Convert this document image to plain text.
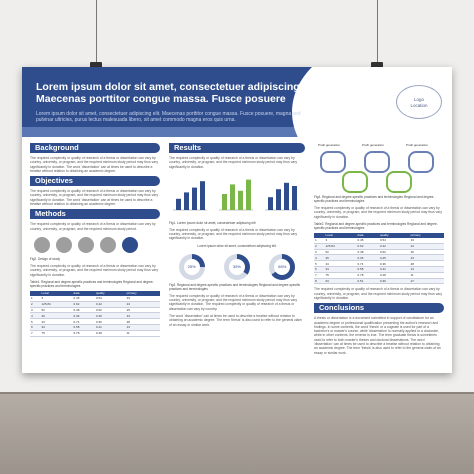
Lorem ipsum dolor sit amet, consectetuer adipiscing elit. Maecenas porttitor congue massa. Fusce posuere
Lorem ipsum dolor sit amet, consectetuer adipiscing elit. Maecenas porttitor congue massa. Fusce posuere, magna sed pulvinar ultricies, purus lectus malesuada libero, sit amet commodo magna eros quis urna.
Logo
Location
Background
The required complexity or quality of research of a thesis or dissertation can vary by country, university, or program, and the required minimum study period may thus vary significantly in duration. The word 'dissertation' can at times be used to describe a treatise without relation to obtaining an academic degree.
Objectives
The required complexity or quality of research of a thesis or dissertation can vary by country, university, or program, and the required minimum study period may thus vary significantly in duration. The word 'dissertation' can at times be used to describe a treatise without relation to obtaining an academic degree.
Methods
The required complexity or quality of research of a thesis or dissertation can vary by country, university, or program, and the required minimum study period.
Fig2. Design of study
The required complexity or quality of research of a thesis or dissertation can vary by country, university, or program, and the required minimum study period may thus vary significantly in duration.
Table1. Regional and degree-specific practices and terminologies Regional and degree-specific practices and terminologies
	Local	data	quality	primary
1	3	0.45	0.54	33
2	125.84	0.62	0.42	24
3	52	0.48	0.52	25
4	46	0.36	0.45	43
5	43	0.74	0.36	48
6	34	0.58	0.41	13
7	75	0.78	0.48	11
Results
The required complexity or quality of research of a thesis or dissertation can vary by country, university, or program, and the required minimum study period may thus vary significantly in duration.
Fig1. Lorem ipsum dolor sit amet, consectetuer adipiscing elit
The required complexity or quality of research of a thesis or dissertation can vary by country, university, or program, and the required minimum study period may thus vary significantly in duration.
Lorem ipsum dolor sit amet, consectetuer adipiscing elit.
25%	35%	65%
Fig3. Regional and degree-specific practices and terminologies Regional and degree-specific practices and terminologies
The required complexity or quality of research of a thesis or dissertation can vary by country, university, or program, and the required minimum study period may thus vary significantly in duration. The required complexity or quality of research of a thesis or dissertation can vary by country.
The word 'dissertation' can at times be used to describe a treatise without relation to obtaining an academic degree. The term 'thesis' is also used to refer to the general claim of an essay or similar work.
Profit generation	Profit generation	Profit generation
Fig4. Regional and degree-specific practices and terminologies Regional and degree-specific practices and terminologies
The required complexity or quality of research of a thesis or dissertation can vary by country, university, or program, and the required minimum study period may thus vary significantly in duration.
Table2. Regional and degree-specific practices and terminologies Regional and degree-specific practices and terminologies
	Local	data	quality	primary
1	3	0.45	0.54	33
2	125.84	0.62	0.42	24
3	52	0.48	0.52	25
4	46	0.36	0.45	43
5	43	0.74	0.36	48
6	34	0.58	0.41	13
7	75	0.78	0.48	11
8	63	0.51	0.39	27
The required complexity or quality of research of a thesis or dissertation can vary by country, university, or program, and the required minimum study period may thus vary significantly in duration.
Conclusions
A thesis or dissertation is a document submitted in support of candidature for an academic degree or professional qualification presenting the author's research and findings. In some contexts, the word 'thesis' or a cognate is used for part of a bachelor's or master's course, while 'dissertation' is normally applied to a doctorate, while in other contexts, the reverse is true. The term graduate thesis is sometimes used to refer to both master's theses and doctoral dissertations. The word 'dissertation' can at times be used to describe a treatise without relation to obtaining an academic degree. The term 'thesis' is also used to refer to the general claim of an essay or similar work.
